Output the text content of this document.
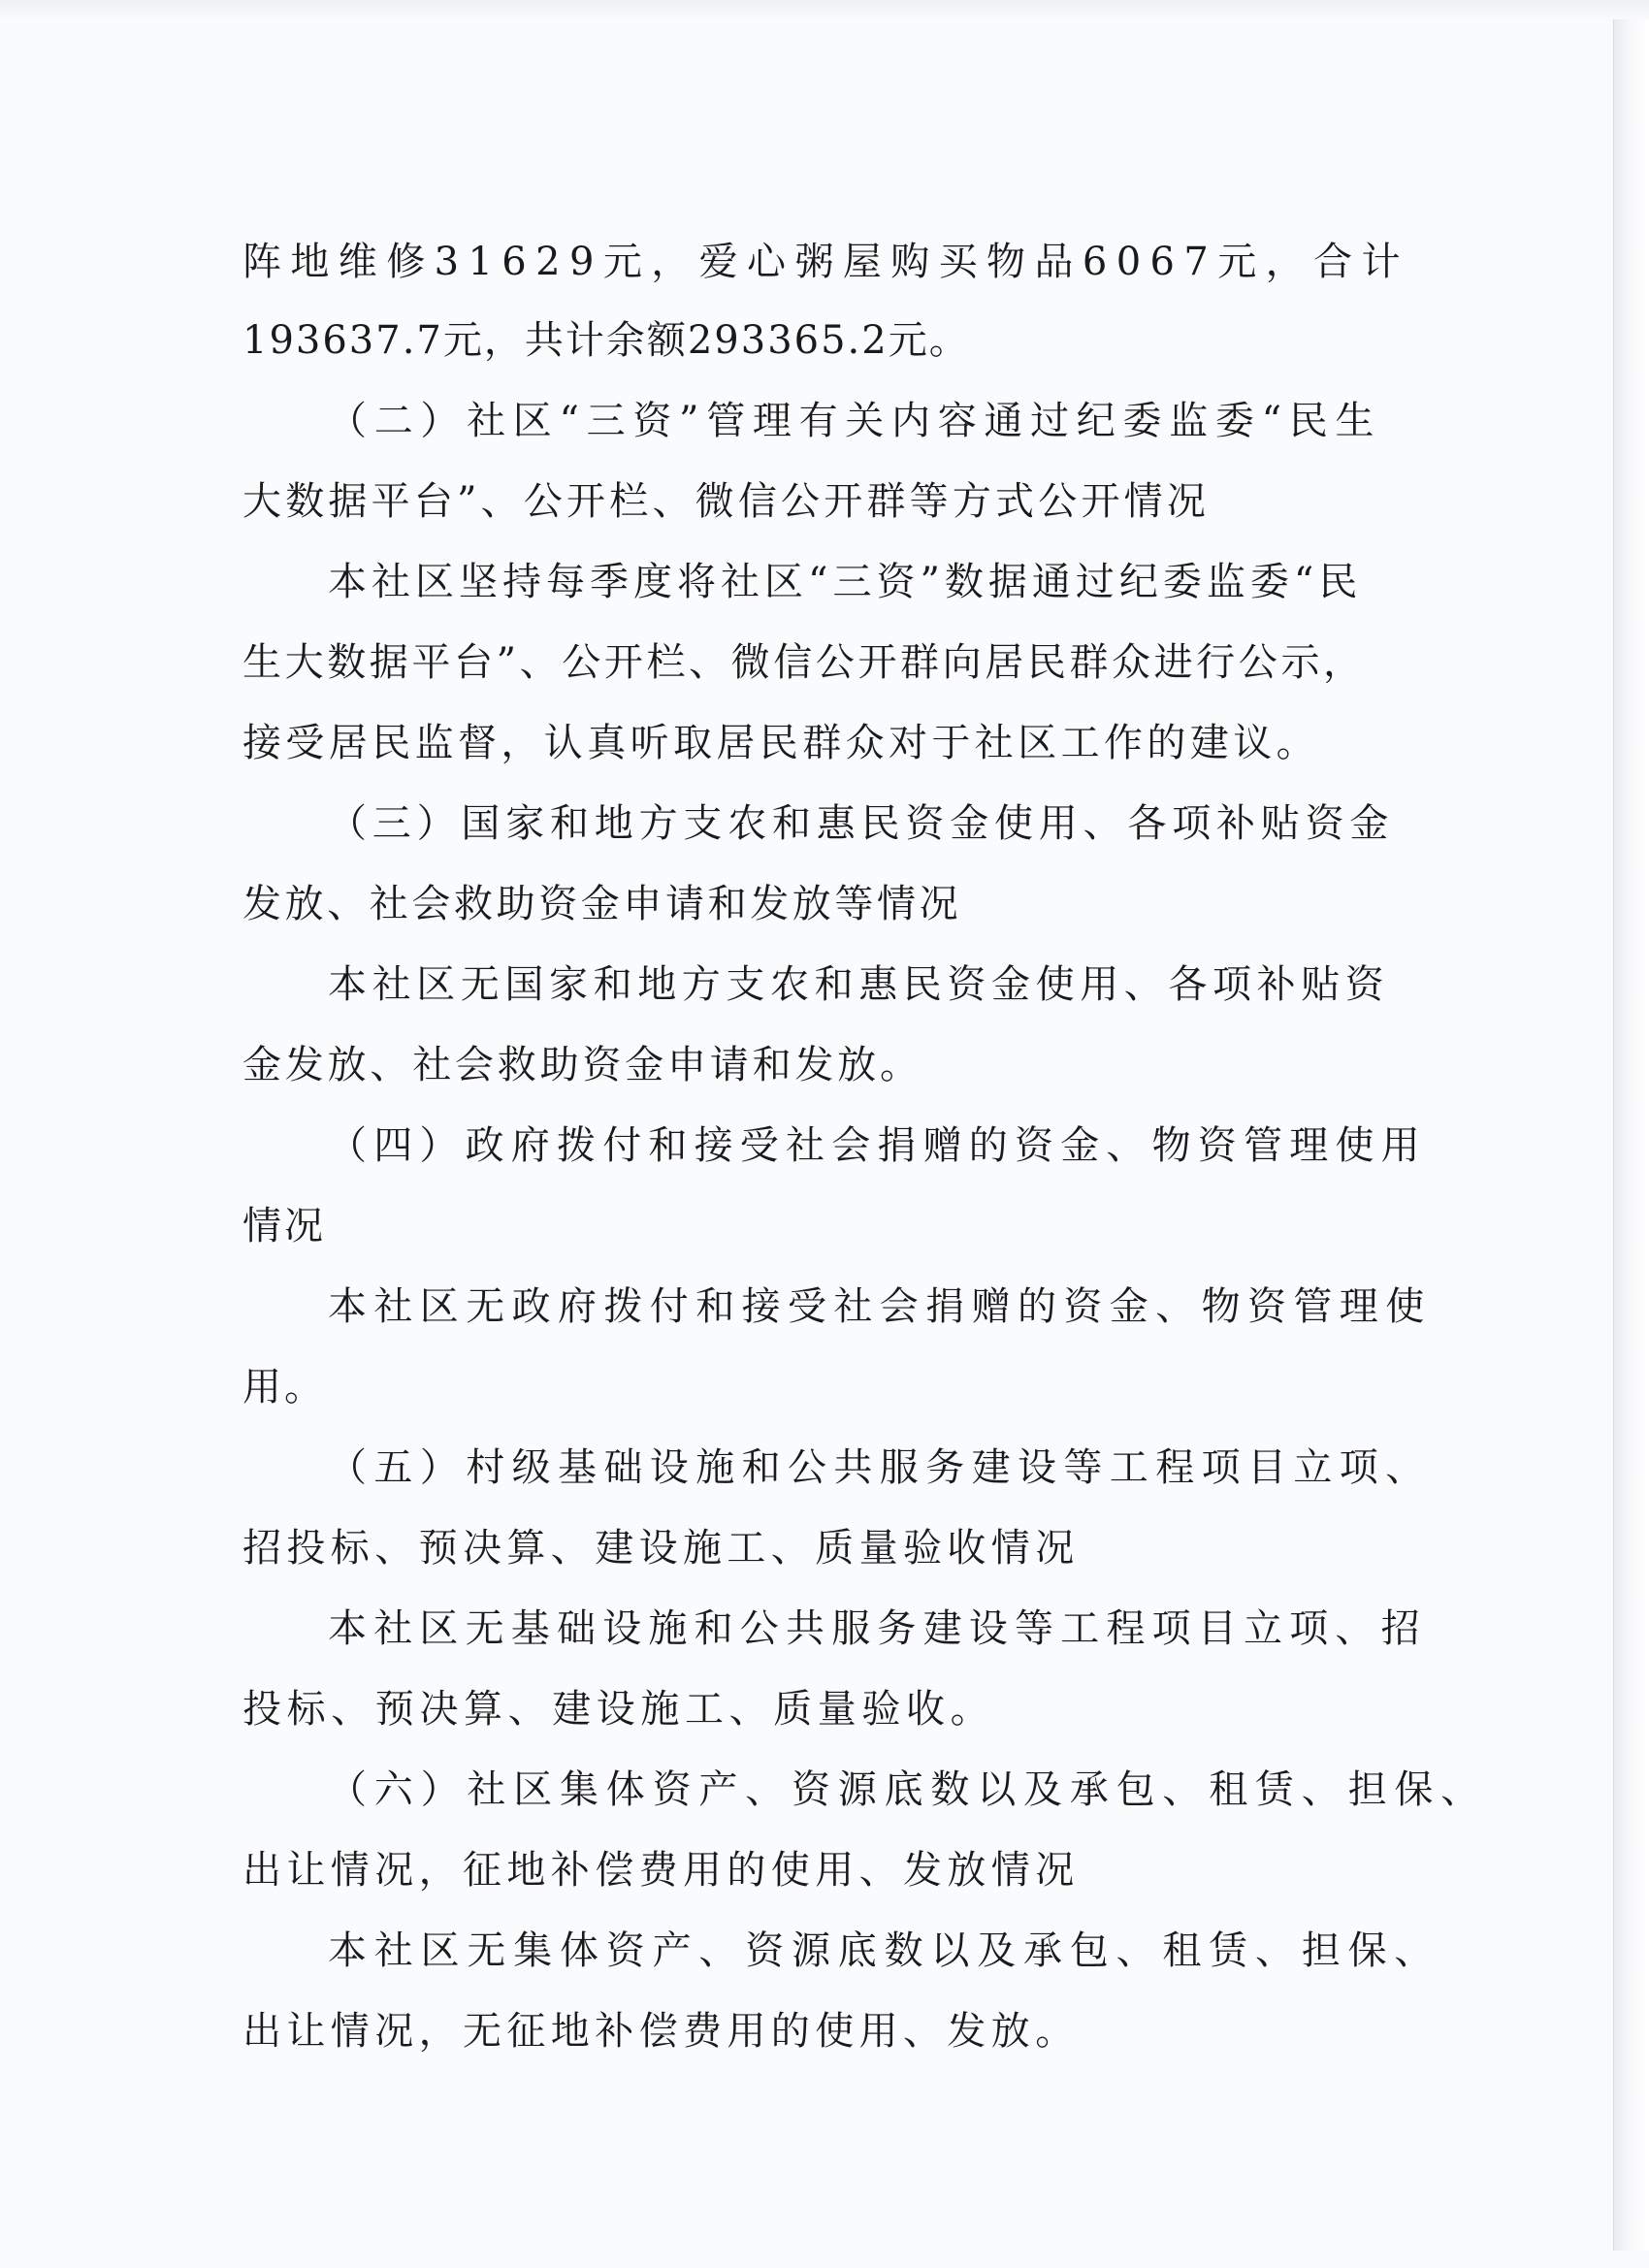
阵地维修31629元，爱心粥屋购买物品6067元，合计
193637.7元，共计余额293365.2元。
（二）社区“三资”管理有关内容通过纪委监委“民生
大数据平台”、公开栏、微信公开群等方式公开情况
本社区坚持每季度将社区“三资”数据通过纪委监委“民
生大数据平台”、公开栏、微信公开群向居民群众进行公示，
接受居民监督，认真听取居民群众对于社区工作的建议。
（三）国家和地方支农和惠民资金使用、各项补贴资金
发放、社会救助资金申请和发放等情况
本社区无国家和地方支农和惠民资金使用、各项补贴资
金发放、社会救助资金申请和发放。
（四）政府拨付和接受社会捐赠的资金、物资管理使用
情况
本社区无政府拨付和接受社会捐赠的资金、物资管理使
用。
（五）村级基础设施和公共服务建设等工程项目立项、
招投标、预决算、建设施工、质量验收情况
本社区无基础设施和公共服务建设等工程项目立项、招
投标、预决算、建设施工、质量验收。
（六）社区集体资产、资源底数以及承包、租赁、担保、
出让情况，征地补偿费用的使用、发放情况
本社区无集体资产、资源底数以及承包、租赁、担保、
出让情况，无征地补偿费用的使用、发放。
